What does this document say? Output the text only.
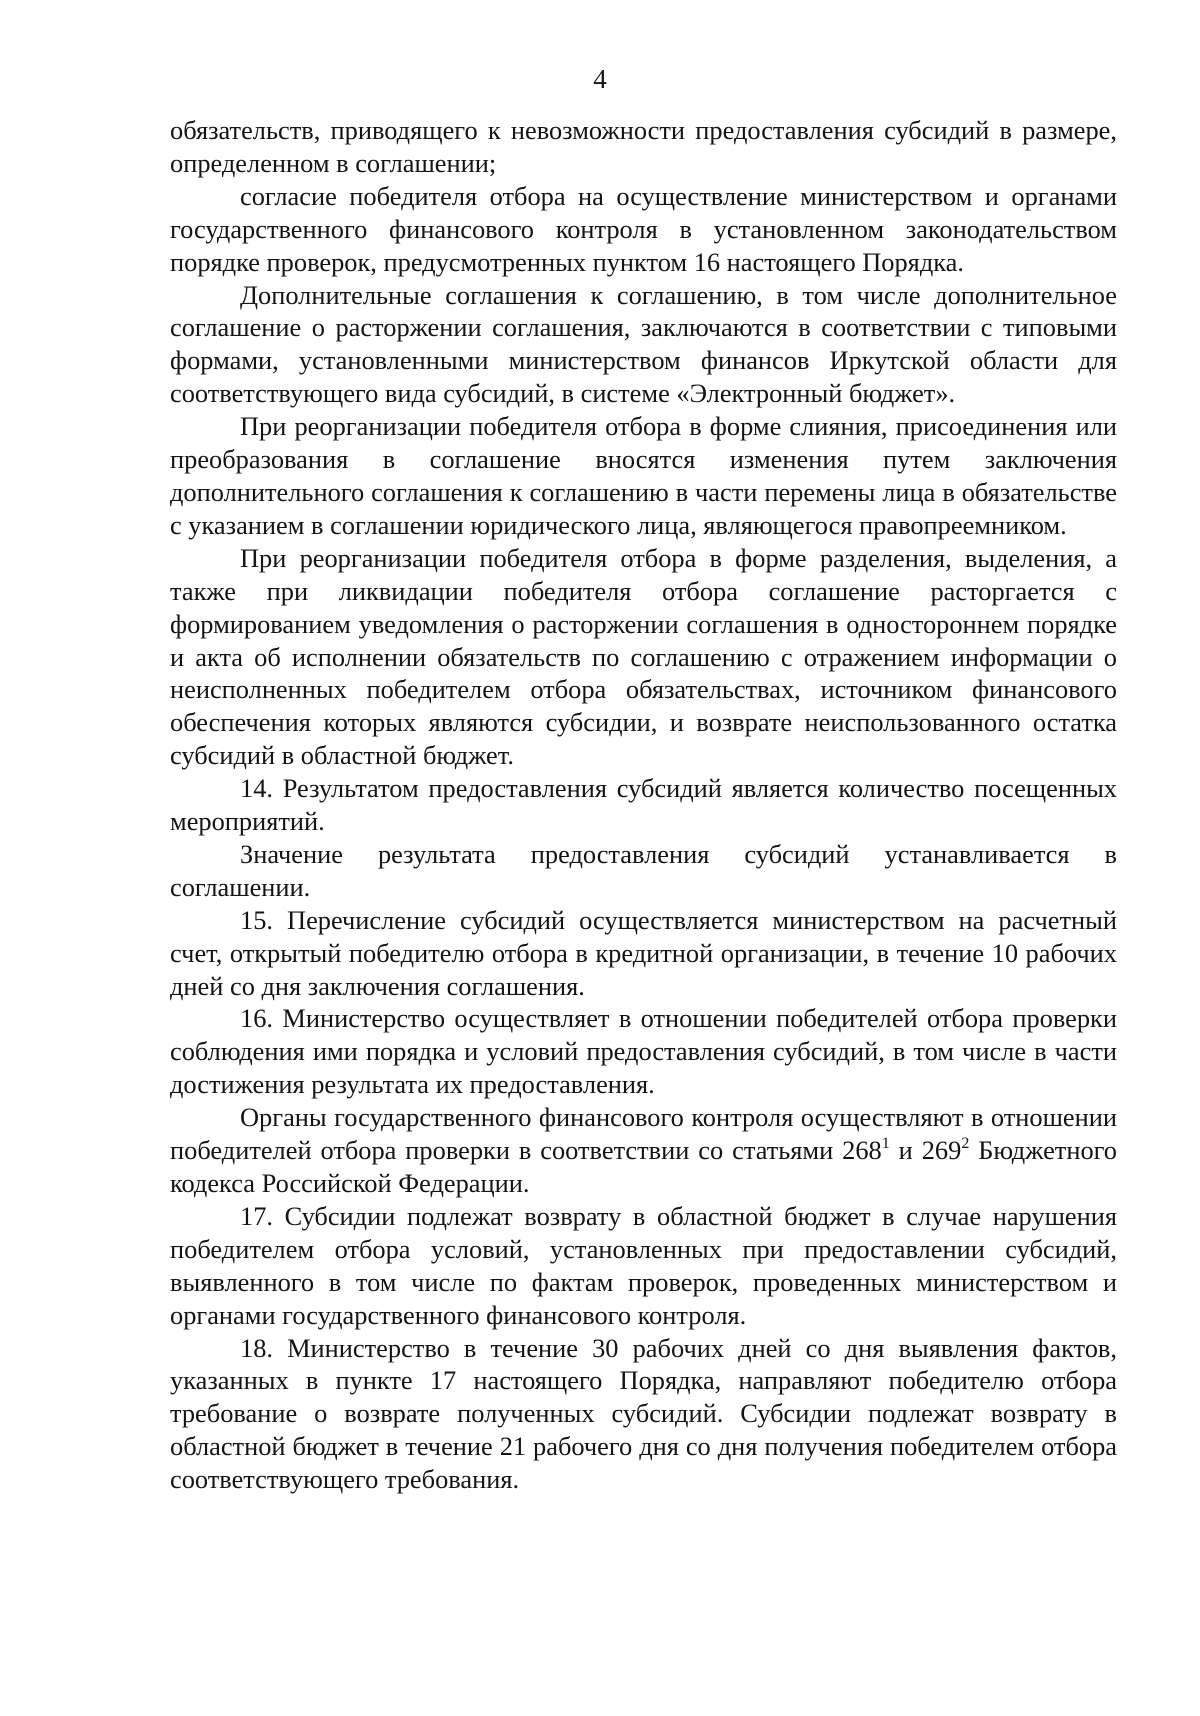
4

обязательств, приводящего к невозможности предоставления субсидий в размере, определенном в соглашении;

согласие победителя отбора на осуществление министерством и органами государственного финансового контроля в установленном законодательством порядке проверок, предусмотренных пунктом 16 настоящего Порядка.

Дополнительные соглашения к соглашению, в том числе дополнительное соглашение о расторжении соглашения, заключаются в соответствии с типовыми формами, установленными министерством финансов Иркутской области для соответствующего вида субсидий, в системе «Электронный бюджет».

При реорганизации победителя отбора в форме слияния, присоединения или преобразования в соглашение вносятся изменения путем заключения дополнительного соглашения к соглашению в части перемены лица в обязательстве с указанием в соглашении юридического лица, являющегося правопреемником.

При реорганизации победителя отбора в форме разделения, выделения, а также при ликвидации победителя отбора соглашение расторгается с формированием уведомления о расторжении соглашения в одностороннем порядке и акта об исполнении обязательств по соглашению с отражением информации о неисполненных победителем отбора обязательствах, источником финансового обеспечения которых являются субсидии, и возврате неиспользованного остатка субсидий в областной бюджет.

14. Результатом предоставления субсидий является количество посещенных мероприятий.

Значение результата предоставления субсидий устанавливается в соглашении.

15. Перечисление субсидий осуществляется министерством на расчетный счет, открытый победителю отбора в кредитной организации, в течение 10 рабочих дней со дня заключения соглашения.

16. Министерство осуществляет в отношении победителей отбора проверки соблюдения ими порядка и условий предоставления субсидий, в том числе в части достижения результата их предоставления.

Органы государственного финансового контроля осуществляют в отношении победителей отбора проверки в соответствии со статьями $268^1$ и $269^2$ Бюджетного кодекса Российской Федерации.

17. Субсидии подлежат возврату в областной бюджет в случае нарушения победителем отбора условий, установленных при предоставлении субсидий, выявленного в том числе по фактам проверок, проведенных министерством и органами государственного финансового контроля.

18. Министерство в течение 30 рабочих дней со дня выявления фактов, указанных в пункте 17 настоящего Порядка, направляют победителю отбора требование о возврате полученных субсидий. Субсидии подлежат возврату в областной бюджет в течение 21 рабочего дня со дня получения победителем отбора соответствующего требования.
